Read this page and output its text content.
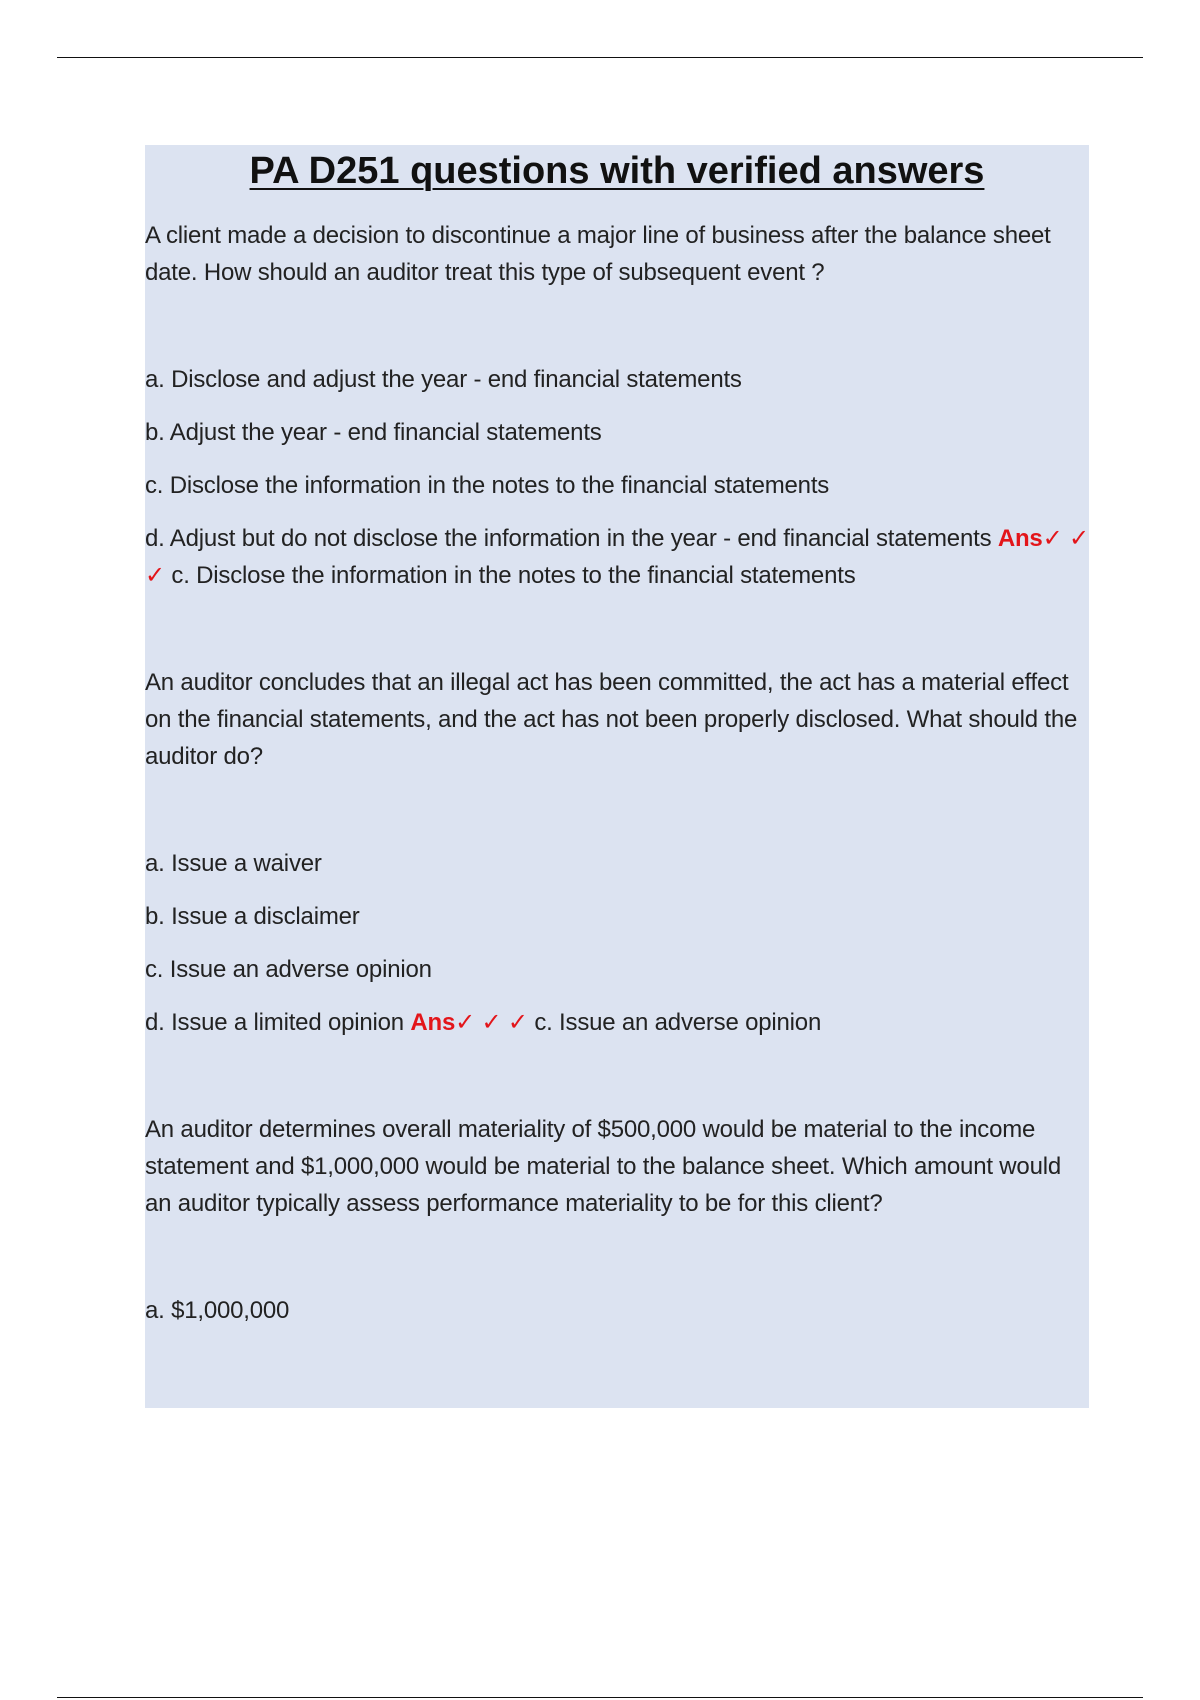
PA D251 questions with verified answers

A client made a decision to discontinue a major line of business after the balance sheet date. How should an auditor treat this type of subsequent event ?

a. Disclose and adjust the year - end financial statements

b. Adjust the year - end financial statements

c. Disclose the information in the notes to the financial statements

d. Adjust but do not disclose the information in the year - end financial statements Ans✓ ✓ ✓ c. Disclose the information in the notes to the financial statements

An auditor concludes that an illegal act has been committed, the act has a material effect on the financial statements, and the act has not been properly disclosed. What should the auditor do?

a. Issue a waiver

b. Issue a disclaimer

c. Issue an adverse opinion

d. Issue a limited opinion Ans✓ ✓ ✓ c. Issue an adverse opinion

An auditor determines overall materiality of $500,000 would be material to the income statement and $1,000,000 would be material to the balance sheet. Which amount would an auditor typically assess performance materiality to be for this client?

a. $1,000,000
